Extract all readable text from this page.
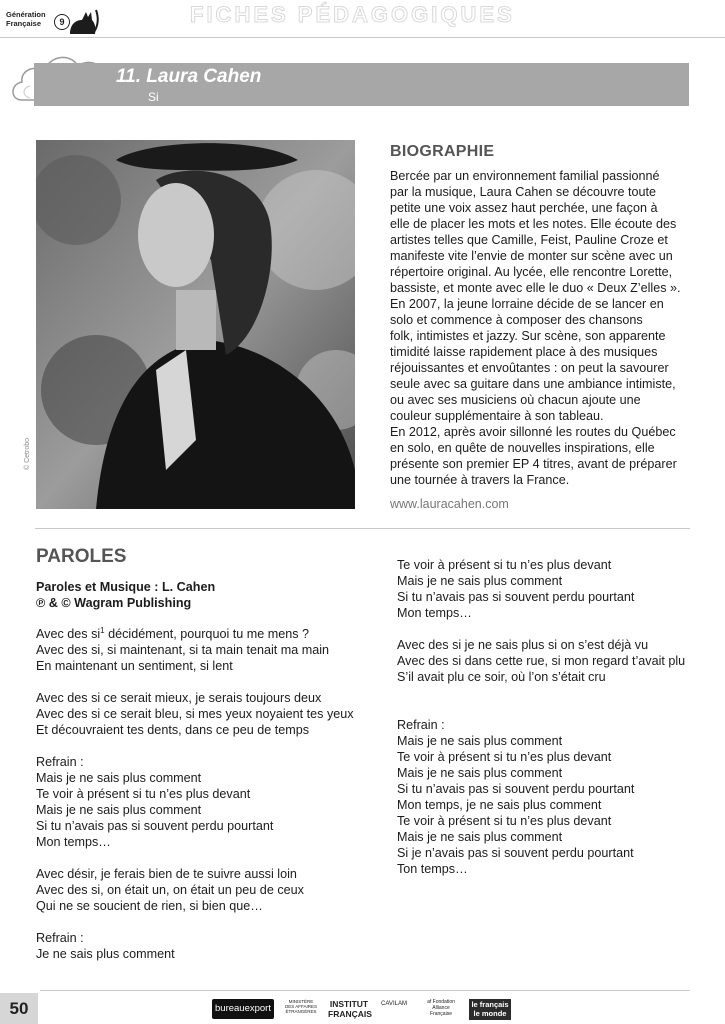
Génération
Française	9	FICHES PÉDAGOGIQUES
11. Laura Cahen
Si
© Cetrobo
BIOGRAPHIE
Bercée par un environnement familial passionné
par la musique, Laura Cahen se découvre toute
petite une voix assez haut perchée, une façon à
elle de placer les mots et les notes. Elle écoute des
artistes telles que Camille, Feist, Pauline Croze et
manifeste vite l’envie de monter sur scène avec un
répertoire original. Au lycée, elle rencontre Lorette,
bassiste, et monte avec elle le duo « Deux Z’elles ».
En 2007, la jeune lorraine décide de se lancer en
solo et commence à composer des chansons
folk, intimistes et jazzy. Sur scène, son apparente
timidité laisse rapidement place à des musiques
réjouissantes et envoûtantes : on peut la savourer
seule avec sa guitare dans une ambiance intimiste,
ou avec ses musiciens où chacun ajoute une
couleur supplémentaire à son tableau.
En 2012, après avoir sillonné les routes du Québec
en solo, en quête de nouvelles inspirations, elle
présente son premier EP 4 titres, avant de préparer
une tournée à travers la France.
www.lauracahen.com
PAROLES
Paroles et Musique : L. Cahen
℗ & © Wagram Publishing
Avec des $si^1$ décidément, pourquoi tu me mens ?
Avec des si, si maintenant, si ta main tenait ma main
En maintenant un sentiment, si lent
Avec des si ce serait mieux, je serais toujours deux
Avec des si ce serait bleu, si mes yeux noyaient tes yeux
Et découvraient tes dents, dans ce peu de temps
Refrain :
Mais je ne sais plus comment
Te voir à présent si tu n’es plus devant
Mais je ne sais plus comment
Si tu n’avais pas si souvent perdu pourtant
Mon temps…
Avec désir, je ferais bien de te suivre aussi loin
Avec des si, on était un, on était un peu de ceux
Qui ne se soucient de rien, si bien que…
Refrain :
Je ne sais plus comment
Te voir à présent si tu n’es plus devant
Mais je ne sais plus comment
Si tu n’avais pas si souvent perdu pourtant
Mon temps…
Avec des si je ne sais plus si on s’est déjà vu
Avec des si dans cette rue, si mon regard t’avait plu
S’il avait plu ce soir, où l’on s’était cru
Refrain :
Mais je ne sais plus comment
Te voir à présent si tu n’es plus devant
Mais je ne sais plus comment
Si tu n’avais pas si souvent perdu pourtant
Mon temps, je ne sais plus comment
Te voir à présent si tu n’es plus devant
Mais je ne sais plus comment
Si je n’avais pas si souvent perdu pourtant
Ton temps…
50	bureauexport
MINISTÈRE DES AFFAIRES ÉTRANGÈRES
INSTITUT FRANÇAIS
CAVILAM	af Fondation Alliance Française
le français
le monde
